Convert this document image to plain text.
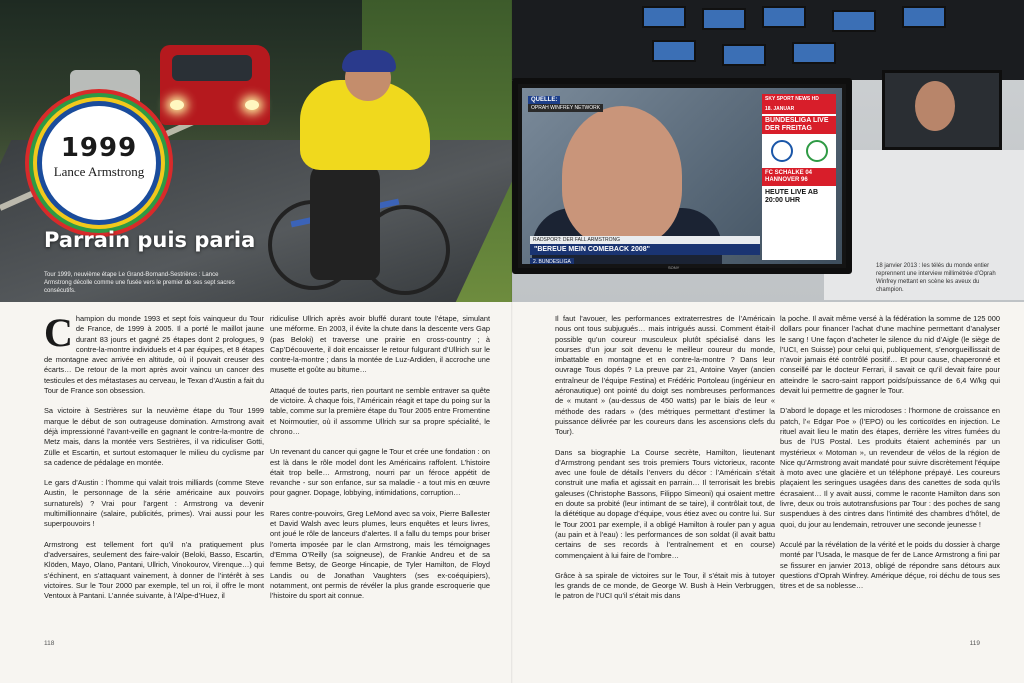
1999
Lance Armstrong
Parrain puis paria
Tour 1999, neuvième étape Le Grand-Bornand-Sestrières : Lance Armstrong décolle comme une fusée vers le premier de ses sept sacres consécutifs.
QUELLE:
OPRAH WINFREY NETWORK
SKY SPORT NEWS HD
18. JANUAR
BUNDESLIGA LIVE DER FREITAG
FC SCHALKE 04 HANNOVER 96
HEUTE LIVE AB 20:00 UHR
RADSPORT: DER FALL ARMSTRONG
"BEREUE MEIN COMEBACK 2008"
2. BUNDESLIGA
SONY	18 janvier 2013 : les télés du monde entier reprennent une interview millimétrée d’Oprah Winfrey mettant en scène les aveux du champion.

Champion du monde 1993 et sept fois vainqueur du Tour de France, de 1999 à 2005. Il a porté le maillot jaune durant 83 jours et gagné 25 étapes dont 2 prologues, 9 contre-la-montre individuels et 4 par équipes, et 8 étapes de montagne avec arrivée en altitude, où il pouvait creuser des écarts… De retour de la mort après avoir vaincu un cancer des testicules et des métastases au cerveau, le Texan d’Austin a fait du Tour de France son obsession.

Sa victoire à Sestrières sur la neuvième étape du Tour 1999 marque le début de son outrageuse domination. Armstrong avait déjà impressionné l’avant-veille en gagnant le contre-la-montre de Metz mais, dans la montée vers Sestrières, il va ridiculiser Gotti, Zülle et Escartin, et surtout estomaquer le milieu du cyclisme par sa cadence de pédalage en montée.

Le gars d’Austin : l’homme qui valait trois milliards (comme Steve Austin, le personnage de la série américaine aux pouvoirs surnaturels) ? Vrai pour l’argent : Armstrong va devenir multimillionnaire (salaire, publicités, primes). Vrai aussi pour les superpouvoirs !

Armstrong est tellement fort qu’il n’a pratiquement plus d’adversaires, seulement des faire-valoir (Beloki, Basso, Escartin, Klöden, Mayo, Olano, Pantani, Ullrich, Vinokourov, Virenque…) qui s’échinent, en s’attaquant vainement, à donner de l’intérêt à ses victoires. Sur le Tour 2000 par exemple, tel un roi, il offre le mont Ventoux à Pantani. L’année suivante, à l’Alpe-d’Huez, il

ridiculise Ullrich après avoir bluffé durant toute l’étape, simulant une méforme. En 2003, il évite la chute dans la descente vers Gap (pas Beloki) et traverse une prairie en cross-country ; à Cap’Découverte, il doit encaisser le retour fulgurant d’Ullrich sur le contre-la-montre ; dans la montée de Luz-Ardiden, il accroche une musette et goûte au bitume…

Attaqué de toutes parts, rien pourtant ne semble entraver sa quête de victoire. À chaque fois, l’Américain réagit et tape du poing sur la table, comme sur la première étape du Tour 2005 entre Fromentine et Noirmoutier, où il assomme Ullrich sur sa propre spécialité, le chrono…

Un revenant du cancer qui gagne le Tour et crée une fondation : on est là dans le rôle model dont les Américains raffolent. L’histoire était trop belle… Armstrong, nourri par un féroce appétit de revanche - sur son enfance, sur sa maladie - a tout mis en œuvre pour gagner. Dopage, lobbying, intimidations, corruption…

Rares contre-pouvoirs, Greg LeMond avec sa voix, Pierre Ballester et David Walsh avec leurs plumes, leurs enquêtes et leurs livres, ont joué le rôle de lanceurs d’alertes. Il a fallu du temps pour briser l’omerta imposée par le clan Armstrong, mais les témoignages d’Emma O’Reilly (sa soigneuse), de Frankie Andreu et de sa femme Betsy, de George Hincapie, de Tyler Hamilton, de Floyd Landis ou de Jonathan Vaughters (ses ex-coéquipiers), notamment, ont permis de révéler la plus grande escroquerie que l’histoire du sport ait connue.

Il faut l’avouer, les performances extraterrestres de l’Américain nous ont tous subjugués… mais intrigués aussi. Comment était-il possible qu’un coureur musculeux plutôt spécialisé dans les courses d’un jour soit devenu le meilleur coureur du monde, imbattable en montagne et en contre-la-montre ? Dans leur ouvrage Tous dopés ? La preuve par 21, Antoine Vayer (ancien entraîneur de l’équipe Festina) et Frédéric Portoleau (ingénieur en aéronautique) ont pointé du doigt ses nombreuses performances de « mutant » (au-dessus de 450 watts) par le biais de leur « méthode des radars » (des métriques permettant d’estimer la puissance délivrée par les coureurs dans les ascensions clefs du Tour).

Dans sa biographie La Course secrète, Hamilton, lieutenant d’Armstrong pendant ses trois premiers Tours victorieux, raconte avec une foule de détails l’envers du décor : l’Américain s’était construit une mafia et agissait en parrain… Il terrorisait les brebis galeuses (Christophe Bassons, Filippo Simeoni) qui osaient mettre en doute sa probité (leur intimant de se taire), il contrôlait tout, de la diététique au dopage d’équipe, vous étiez avec ou contre lui. Sur le Tour 2001 par exemple, il a obligé Hamilton à rouler pan y agua (au pain et à l’eau) : les performances de son soldat (il avait battu certains de ses records à l’entraînement et en course) commençaient à lui faire de l’ombre…

Grâce à sa spirale de victoires sur le Tour, il s’était mis à tutoyer les grands de ce monde, de George W. Bush à Hein Verbruggen, le patron de l’UCI qu’il s’était mis dans

la poche. Il avait même versé à la fédération la somme de 125 000 dollars pour financer l’achat d’une machine permettant d’analyser le sang ! Une façon d’acheter le silence du nid d’Aigle (le siège de l’UCI, en Suisse) pour celui qui, publiquement, s’enorgueillissait de n’avoir jamais été contrôlé positif… Et pour cause, chaperonné et conseillé par le docteur Ferrari, il savait ce qu’il devait faire pour atteindre le sacro-saint rapport poids/puissance de 6,4 W/kg qui devait lui permettre de gagner le Tour.

D’abord le dopage et les microdoses : l’hormone de croissance en patch, l’« Edgar Poe » (l’EPO) ou les corticoïdes en injection. Le rituel avait lieu le matin des étapes, derrière les vitres fumées du bus de l’US Postal. Les produits étaient acheminés par un mystérieux « Motoman », un revendeur de vélos de la région de Nice qu’Armstrong avait mandaté pour suivre discrètement l’équipe à moto avec une glacière et un téléphone prépayé. Les coureurs plaçaient les seringues usagées dans des canettes de soda qu’ils écrasaient… Il y avait aussi, comme le raconte Hamilton dans son livre, deux ou trois autotransfusions par Tour : des poches de sang suspendues à des cintres dans l’intimité des chambres d’hôtel, de quoi, du jour au lendemain, retrouver une seconde jeunesse !

Acculé par la révélation de la vérité et le poids du dossier à charge monté par l’Usada, le masque de fer de Lance Armstrong a fini par se fissurer en janvier 2013, obligé de répondre sans détours aux questions d’Oprah Winfrey. Amérique déçue, roi déchu de tous ses titres et de sa noblesse…

118	119
